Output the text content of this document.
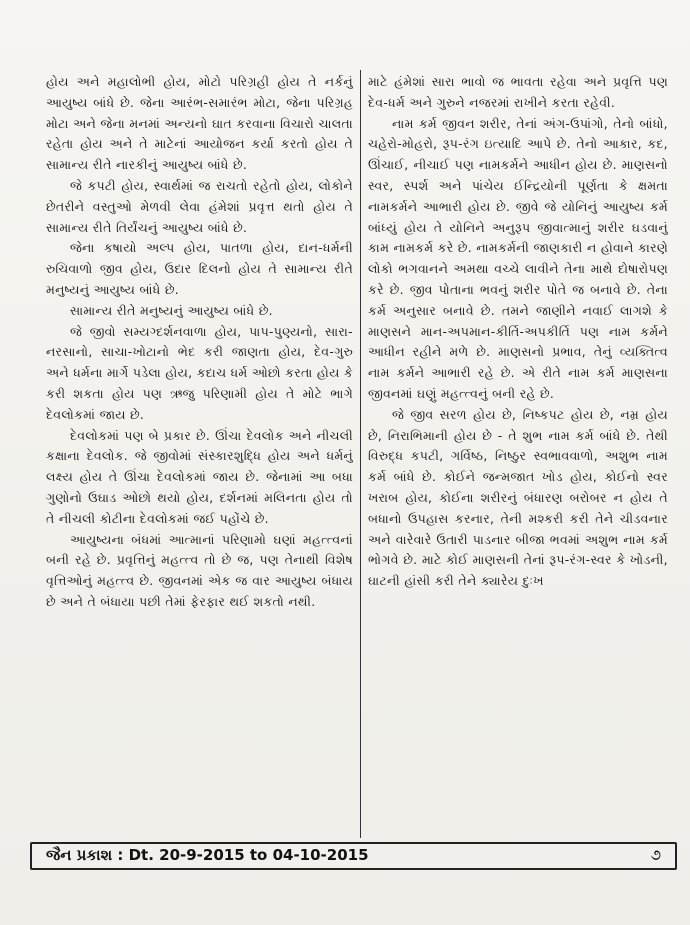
હોય અને મહાલોભી હોય, મોટો પરિગ્રહી હોય તે નર્કનું આયુષ્ય બાંધે છે. જેના આરંભ-સમારંભ મોટા, જેના પરિગ્રહ મોટા અને જેના મનમાં અન્યનો ઘાત કરવાના વિચારો ચાલતા રહેતા હોય અને તે માટેનાં આયોજન કર્યા કરતો હોય તે સામાન્ય રીતે નારકીનું આયુષ્ય બાંધે છે.

જે કપટી હોય, સ્વાર્થમાં જ રાચતો રહેતો હોય, લોકોને છેતરીને વસ્તુઓ મેળવી લેવા હંમેશાં પ્રવૃત્ત થતો હોય તે સામાન્ય રીતે તિર્યંચનું આયુષ્ય બાંધે છે.

જેના કષાયો અલ્પ હોય, પાતળા હોય, દાન-ધર્મની રુચિવાળો જીવ હોય, ઉદાર દિલનો હોય તે સામાન્ય રીતે મનુષ્યનું આયુષ્ય બાંધે છે.

સામાન્ય રીતે મનુષ્યનું આયુષ્ય બાંધે છે.

જે જીવો સમ્યગ્દર્શનવાળા હોય, પાપ-પુણ્યનો, સારા-નરસાનો, સાચા-ખોટાનો ભેદ કરી જાણતા હોય, દેવ-ગુરુ અને ધર્મના માર્ગે પડેલા હોય, કદાચ ધર્મ ઓછો કરતા હોય કે કરી શકતા હોય પણ ઋજુ પરિણામી હોય તે મોટે ભાગે દેવલોકમાં જાય છે.

દેવલોકમાં પણ બે પ્રકાર છે. ઊંચા દેવલોક અને નીચલી કક્ષાના દેવલોક. જે જીવોમાં સંસ્કારશુદ્ધિ હોય અને ધર્મનું લક્ષ્ય હોય તે ઊંચા દેવલોકમાં જાય છે. જેનામાં આ બધા ગુણોનો ઉઘાડ ઓછો થયો હોય, દર્શનમાં મલિનતા હોય તો તે નીચલી કોટીના દેવલોકમાં જઈ પહોંચે છે.

આયુષ્યના બંધમાં આત્માનાં પરિણામો ઘણાં મહત્ત્વનાં બની રહે છે. પ્રવૃત્તિનું મહત્ત્વ તો છે જ, પણ તેનાથી વિશેષ વૃત્તિઓનું મહત્ત્વ છે. જીવનમાં એક જ વાર આયુષ્ય બંધાય છે અને તે બંધાયા પછી તેમાં ફેરફાર થઈ શકતો નથી.

માટે હંમેશાં સારા ભાવો જ ભાવતા રહેવા અને પ્રવૃત્તિ પણ દેવ-ધર્મ અને ગુરુને નજરમાં રાખીને કરતા રહેવી.

નામ કર્મ જીવન શરીર, તેનાં અંગ-ઉપાંગો, તેનો બાંધો, ચહેરો-મોહરો, રૂપ-રંગ ઇત્યાદિ આપે છે. તેનો આકાર, કદ, ઊંચાઈ, નીચાઈ પણ નામકર્મને આધીન હોય છે. માણસનો સ્વર, સ્પર્શ અને પાંચેય ઈન્દ્રિયોની પૂર્ણતા કે ક્ષમતા નામકર્મને આભારી હોય છે. જીવે જે યોનિનું આયુષ્ય કર્મ બાંધ્યું હોય તે યોનિને અનુરૂપ જીવાત્માનું શરીર ઘડવાનું કામ નામકર્મ કરે છે. નામકર્મની જાણકારી ન હોવાને કારણે લોકો ભગવાનને અમથા વચ્ચે લાવીને તેના માથે દોષારોપણ કરે છે. જીવ પોતાના ભવનું શરીર પોતે જ બનાવે છે. તેના કર્મ અનુસાર બનાવે છે. તમને જાણીને નવાઈ લાગશે કે માણસને માન-અપમાન-કીર્તિ-અપકીર્તિ પણ નામ કર્મને આધીન રહીને મળે છે. માણસનો પ્રભાવ, તેનું વ્યક્તિત્વ નામ કર્મને આભારી રહે છે. એ રીતે નામ કર્મ માણસના જીવનમાં ઘણું મહત્ત્વનું બની રહે છે.

જે જીવ સરળ હોય છે, નિષ્કપટ હોય છે, નમ્ર હોય છે, નિરાભિમાની હોય છે - તે શુભ નામ કર્મ બાંધે છે. તેથી વિરુદ્ધ કપટી, ગર્વિષ્ઠ, નિષ્ઠુર સ્વભાવવાળો, અશુભ નામ કર્મ બાંધે છે. કોઈને જન્મજાત ખોડ હોય, કોઈનો સ્વર ખરાબ હોય, કોઈના શરીરનું બંધારણ બરોબર ન હોય તે બધાનો ઉપહાસ કરનાર, તેની મશ્કરી કરી તેને ચીડવનાર અને વારેવારે ઉતારી પાડનાર બીજા ભવમાં અશુભ નામ કર્મ ભોગવે છે. માટે કોઈ માણસની તેનાં રૂપ-રંગ-સ્વર કે ખોડની, ઘાટની હાંસી કરી તેને ક્યારેય દુઃખ

જૈન પ્રકાશ : Dt. 20-9-2015 to 04-10-2015	૭
